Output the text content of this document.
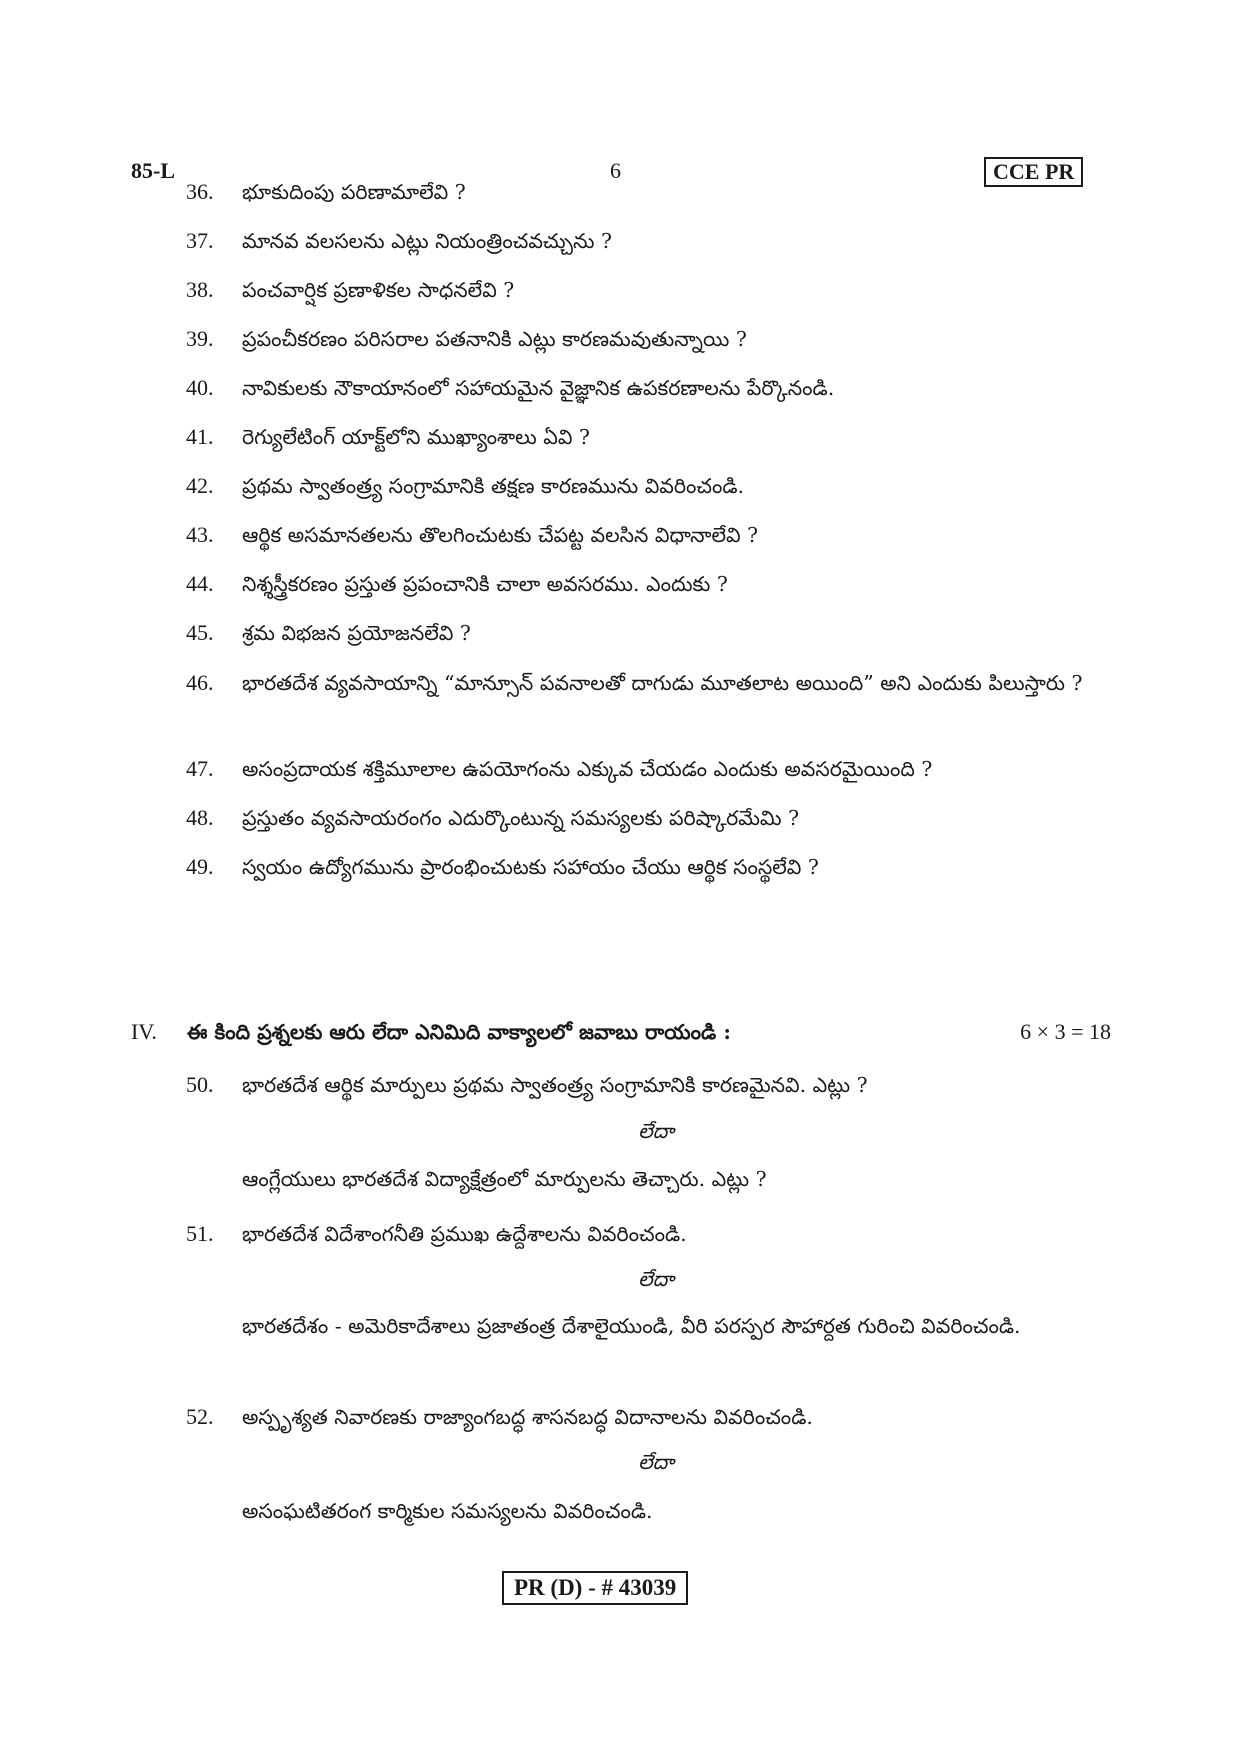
85-L	6	CCE PR
36.	భూకుదింపు పరిణామాలేవి ?
37.	మానవ వలసలను ఎట్లు నియంత్రించవచ్చును ?
38.	పంచవార్షిక ప్రణాళికల సాధనలేవి ?
39.	ప్రపంచీకరణం పరిసరాల పతనానికి ఎట్లు కారణమవుతున్నాయి ?
40.	నావికులకు నౌకాయానంలో సహాయమైన వైజ్ఞానిక ఉపకరణాలను పేర్కొనండి.
41.	రెగ్యులేటింగ్ యాక్ట్‌లోని ముఖ్యాంశాలు ఏవి ?
42.	ప్రథమ స్వాతంత్ర్య సంగ్రామానికి తక్షణ కారణమును వివరించండి.
43.	ఆర్థిక అసమానతలను తొలగించుటకు చేపట్ట వలసిన విధానాలేవి ?
44.	నిశ్శస్త్రీకరణం ప్రస్తుత ప్రపంచానికి చాలా అవసరము. ఎందుకు ?
45.	శ్రమ విభజన ప్రయోజనలేవి ?
46.	భారతదేశ వ్యవసాయాన్ని “మాన్సూన్ పవనాలతో దాగుడు మూతలాట అయింది” అని ఎందుకు పిలుస్తారు ?
47.	అసంప్రదాయక శక్తిమూలాల ఉపయోగంను ఎక్కువ చేయడం ఎందుకు అవసరమైయింది ?
48.	ప్రస్తుతం వ్యవసాయరంగం ఎదుర్కొంటున్న సమస్యలకు పరిష్కారమేమి ?
49.	స్వయం ఉద్యోగమును ప్రారంభించుటకు సహాయం చేయు ఆర్థిక సంస్థలేవి ?
IV. ఈ కింది ప్రశ్నలకు ఆరు లేదా ఎనిమిది వాక్యాలలో జవాబు రాయండి :	6 × 3 = 18
50.	భారతదేశ ఆర్థిక మార్పులు ప్రథమ స్వాతంత్ర్య సంగ్రామానికి కారణమైనవి. ఎట్లు ?
లేదా
ఆంగ్లేయులు భారతదేశ విద్యాక్షేత్రంలో మార్పులను తెచ్చారు. ఎట్లు ?
51.	భారతదేశ విదేశాంగనీతి ప్రముఖ ఉద్దేశాలను వివరించండి.
లేదా
భారతదేశం - అమెరికాదేశాలు ప్రజాతంత్ర దేశాలైయుండి, వీరి పరస్పర సౌహార్దత గురించి వివరించండి.
52.	అస్పృశ్యత నివారణకు రాజ్యాంగబద్ధ శాసనబద్ధ విదానాలను వివరించండి.
లేదా
అసంఘటితరంగ కార్మికుల సమస్యలను వివరించండి.
PR (D) - # 43039
